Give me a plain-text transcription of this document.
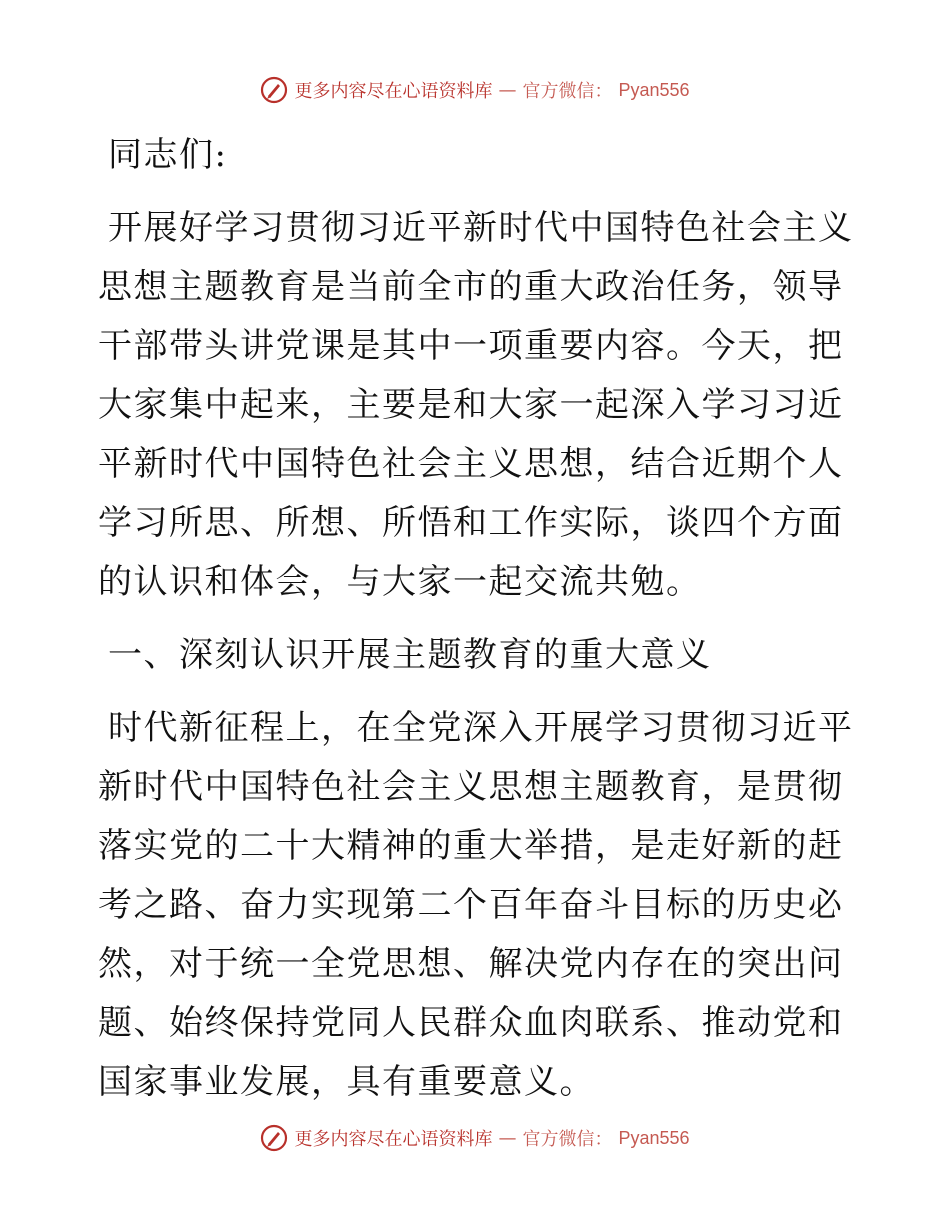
更多内容尽在心语资料库 — 官方微信： Pyan556

同志们:

开展好学习贯彻习近平新时代中国特色社会主义思想主题教育是当前全市的重大政治任务，领导干部带头讲党课是其中一项重要内容。今天，把大家集中起来，主要是和大家一起深入学习习近平新时代中国特色社会主义思想，结合近期个人学习所思、所想、所悟和工作实际，谈四个方面的认识和体会，与大家一起交流共勉。

一、深刻认识开展主题教育的重大意义

时代新征程上，在全党深入开展学习贯彻习近平新时代中国特色社会主义思想主题教育，是贯彻落实党的二十大精神的重大举措，是走好新的赶考之路、奋力实现第二个百年奋斗目标的历史必然，对于统一全党思想、解决党内存在的突出问题、始终保持党同人民群众血肉联系、推动党和国家事业发展，具有重要意义。

更多内容尽在心语资料库 — 官方微信： Pyan556
